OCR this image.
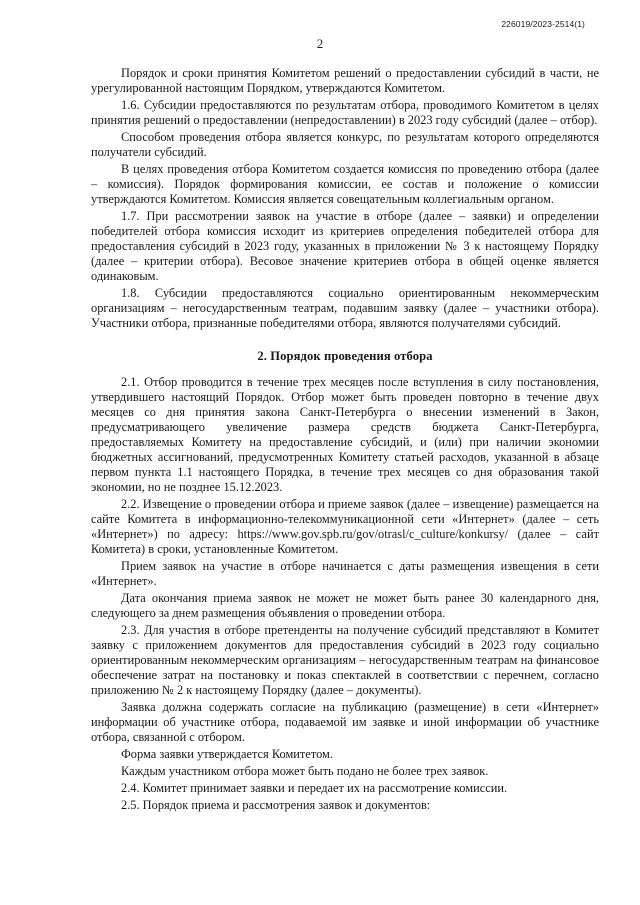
226019/2023-2514(1)
2

Порядок и сроки принятия Комитетом решений о предоставлении субсидий в части, не урегулированной настоящим Порядком, утверждаются Комитетом.

1.6. Субсидии предоставляются по результатам отбора, проводимого Комитетом в целях принятия решений о предоставлении (непредоставлении) в 2023 году субсидий (далее – отбор).

Способом проведения отбора является конкурс, по результатам которого определяются получатели субсидий.

В целях проведения отбора Комитетом создается комиссия по проведению отбора (далее – комиссия). Порядок формирования комиссии, ее состав и положение о комиссии утверждаются Комитетом. Комиссия является совещательным коллегиальным органом.

1.7. При рассмотрении заявок на участие в отборе (далее – заявки) и определении победителей отбора комиссия исходит из критериев определения победителей отбора для предоставления субсидий в 2023 году, указанных в приложении № 3 к настоящему Порядку (далее – критерии отбора). Весовое значение критериев отбора в общей оценке является одинаковым.

1.8. Субсидии предоставляются социально ориентированным некоммерческим организациям – негосударственным театрам, подавшим заявку (далее – участники отбора). Участники отбора, признанные победителями отбора, являются получателями субсидий.

2. Порядок проведения отбора

2.1. Отбор проводится в течение трех месяцев после вступления в силу постановления, утвердившего настоящий Порядок. Отбор может быть проведен повторно в течение двух месяцев со дня принятия закона Санкт-Петербурга о внесении изменений в Закон, предусматривающего увеличение размера средств бюджета Санкт-Петербурга, предоставляемых Комитету на предоставление субсидий, и (или) при наличии экономии бюджетных ассигнований, предусмотренных Комитету статьей расходов, указанной в абзаце первом пункта 1.1 настоящего Порядка, в течение трех месяцев со дня образования такой экономии, но не позднее 15.12.2023.

2.2. Извещение о проведении отбора и приеме заявок (далее – извещение) размещается на сайте Комитета в информационно-телекоммуникационной сети «Интернет» (далее – сеть «Интернет») по адресу: https://www.gov.spb.ru/gov/otrasl/c_culture/konkursy/ (далее – сайт Комитета) в сроки, установленные Комитетом.

Прием заявок на участие в отборе начинается с даты размещения извещения в сети «Интернет».

Дата окончания приема заявок не может не может быть ранее 30 календарного дня, следующего за днем размещения объявления о проведении отбора.

2.3. Для участия в отборе претенденты на получение субсидий представляют в Комитет заявку с приложением документов для предоставления субсидий в 2023 году социально ориентированным некоммерческим организациям – негосударственным театрам на финансовое обеспечение затрат на постановку и показ спектаклей в соответствии с перечнем, согласно приложению № 2 к настоящему Порядку (далее – документы).

Заявка должна содержать согласие на публикацию (размещение) в сети «Интернет» информации об участнике отбора, подаваемой им заявке и иной информации об участнике отбора, связанной с отбором.

Форма заявки утверждается Комитетом.

Каждым участником отбора может быть подано не более трех заявок.

2.4. Комитет принимает заявки и передает их на рассмотрение комиссии.

2.5. Порядок приема и рассмотрения заявок и документов:
